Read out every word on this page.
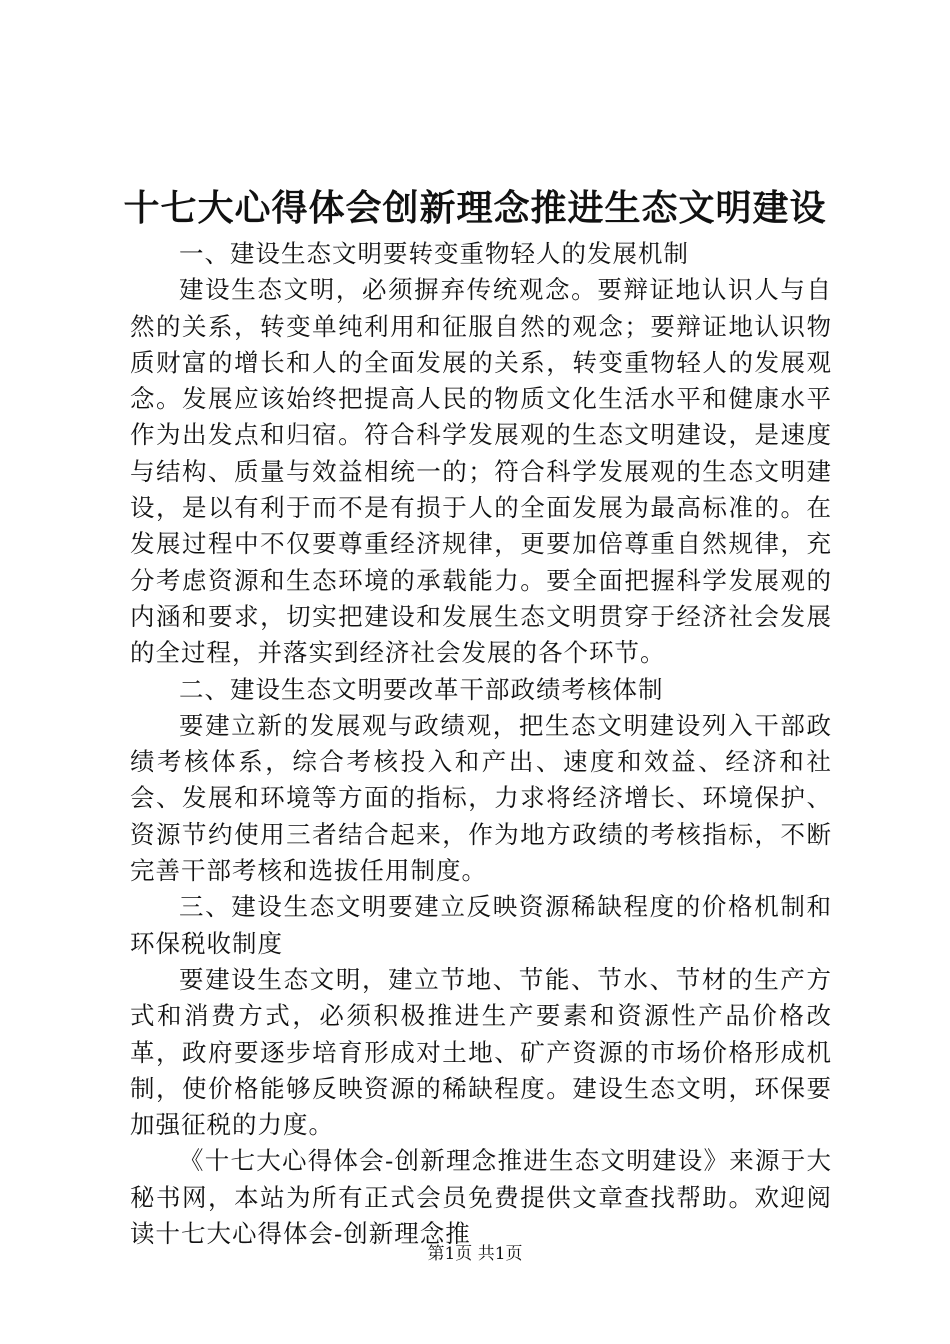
十七大心得体会创新理念推进生态文明建设

一、建设生态文明要转变重物轻人的发展机制

建设生态文明，必须摒弃传统观念。要辩证地认识人与自然的关系，转变单纯利用和征服自然的观念；要辩证地认识物质财富的增长和人的全面发展的关系，转变重物轻人的发展观念。发展应该始终把提高人民的物质文化生活水平和健康水平作为出发点和归宿。符合科学发展观的生态文明建设，是速度与结构、质量与效益相统一的；符合科学发展观的生态文明建设，是以有利于而不是有损于人的全面发展为最高标准的。在发展过程中不仅要尊重经济规律，更要加倍尊重自然规律，充分考虑资源和生态环境的承载能力。要全面把握科学发展观的内涵和要求，切实把建设和发展生态文明贯穿于经济社会发展的全过程，并落实到经济社会发展的各个环节。

二、建设生态文明要改革干部政绩考核体制

要建立新的发展观与政绩观，把生态文明建设列入干部政绩考核体系，综合考核投入和产出、速度和效益、经济和社会、发展和环境等方面的指标，力求将经济增长、环境保护、资源节约使用三者结合起来，作为地方政绩的考核指标，不断完善干部考核和选拔任用制度。

三、建设生态文明要建立反映资源稀缺程度的价格机制和环保税收制度

要建设生态文明，建立节地、节能、节水、节材的生产方式和消费方式，必须积极推进生产要素和资源性产品价格改革，政府要逐步培育形成对土地、矿产资源的市场价格形成机制，使价格能够反映资源的稀缺程度。建设生态文明，环保要加强征税的力度。

《十七大心得体会-创新理念推进生态文明建设》来源于大秘书网，本站为所有正式会员免费提供文章查找帮助。欢迎阅读十七大心得体会-创新理念推

第1页 共1页
